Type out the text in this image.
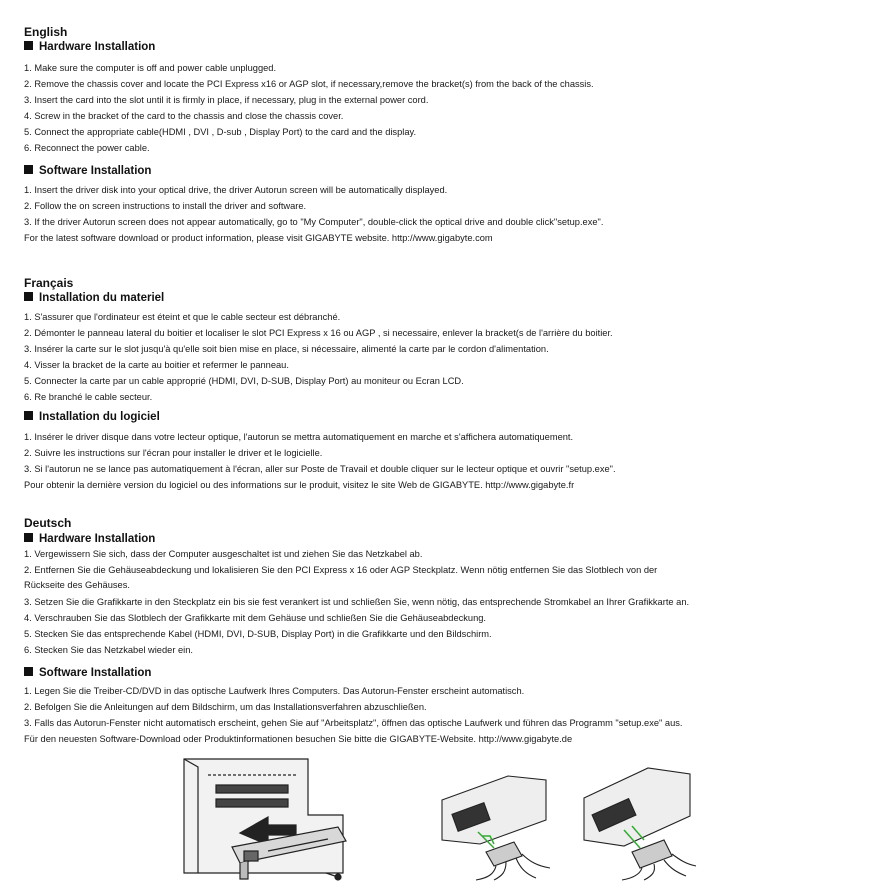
English
Hardware Installation
1. Make sure the computer is off and power cable unplugged.
2. Remove the chassis cover and locate the PCI Express x16 or AGP slot, if necessary,remove the bracket(s) from the back of the chassis.
3. Insert the card into the slot until it is firmly in place, if necessary, plug in the external power cord.
4. Screw in the bracket of the card to the chassis and close the chassis cover.
5. Connect the appropriate cable(HDMI , DVI , D-sub , Display Port) to the card and the display.
6. Reconnect the power cable.
Software Installation
1. Insert the driver disk into your optical drive, the driver Autorun screen will be automatically displayed.
2. Follow the on screen instructions to install the driver and software.
3. If the driver Autorun screen does not appear automatically, go to "My Computer", double-click the optical drive and double click"setup.exe".
For the latest software download or product information, please visit GIGABYTE website. http://www.gigabyte.com
Français
Installation du materiel
1. S'assurer que l'ordinateur est éteint et que le cable secteur est débranché.
2. Démonter le panneau lateral du boitier et localiser le slot PCI Express x 16 ou AGP , si necessaire, enlever la bracket(s de l'arrière du boitier.
3. Insérer la carte sur le slot jusqu'à qu'elle soit bien mise en place, si nécessaire, alimenté la carte par le cordon d'alimentation.
4. Visser la bracket de la carte au boitier et refermer le panneau.
5. Connecter la carte par un cable approprié (HDMI, DVI, D-SUB, Display Port) au moniteur ou Ecran LCD.
6. Re branché le cable secteur.
Installation du logiciel
1. Insérer le driver disque dans votre lecteur optique, l'autorun se mettra automatiquement en marche et s'affichera automatiquement.
2. Suivre les instructions sur l'écran pour installer le driver et le logicielle.
3. Si l'autorun ne se lance pas automatiquement à l'écran, aller sur Poste de Travail et double cliquer sur le lecteur optique et ouvrir "setup.exe".
Pour obtenir la dernière version du logiciel ou des informations sur le produit, visitez le site Web de GIGABYTE. http://www.gigabyte.fr
Deutsch
Hardware Installation
1. Vergewissern Sie sich, dass der Computer ausgeschaltet ist und ziehen Sie das Netzkabel ab.
2. Entfernen Sie die Gehäuseabdeckung und lokalisieren Sie den PCI Express x 16 oder AGP Steckplatz. Wenn nötig entfernen Sie das Slotblech von der
Rückseite des Gehäuses.
3. Setzen Sie die Grafikkarte in den Steckplatz ein bis sie fest verankert ist und schließen Sie, wenn nötig, das entsprechende Stromkabel an Ihrer Grafikkarte an.
4. Verschrauben Sie das Slotblech der Grafikkarte mit dem Gehäuse und schließen Sie die Gehäuseabdeckung.
5. Stecken Sie das entsprechende Kabel (HDMI, DVI, D-SUB, Display Port) in die Grafikkarte und den Bildschirm.
6. Stecken Sie das Netzkabel wieder ein.
Software Installation
1. Legen Sie die Treiber-CD/DVD in das optische Laufwerk Ihres Computers. Das Autorun-Fenster erscheint automatisch.
2. Befolgen Sie die Anleitungen auf dem Bildschirm, um das Installationsverfahren abzuschließen.
3. Falls das Autorun-Fenster nicht automatisch erscheint, gehen Sie auf "Arbeitsplatz", öffnen das optische Laufwerk und führen das Programm "setup.exe" aus.
Für den neuesten Software-Download oder Produktinformationen besuchen Sie bitte die GIGABYTE-Website. http://www.gigabyte.de
